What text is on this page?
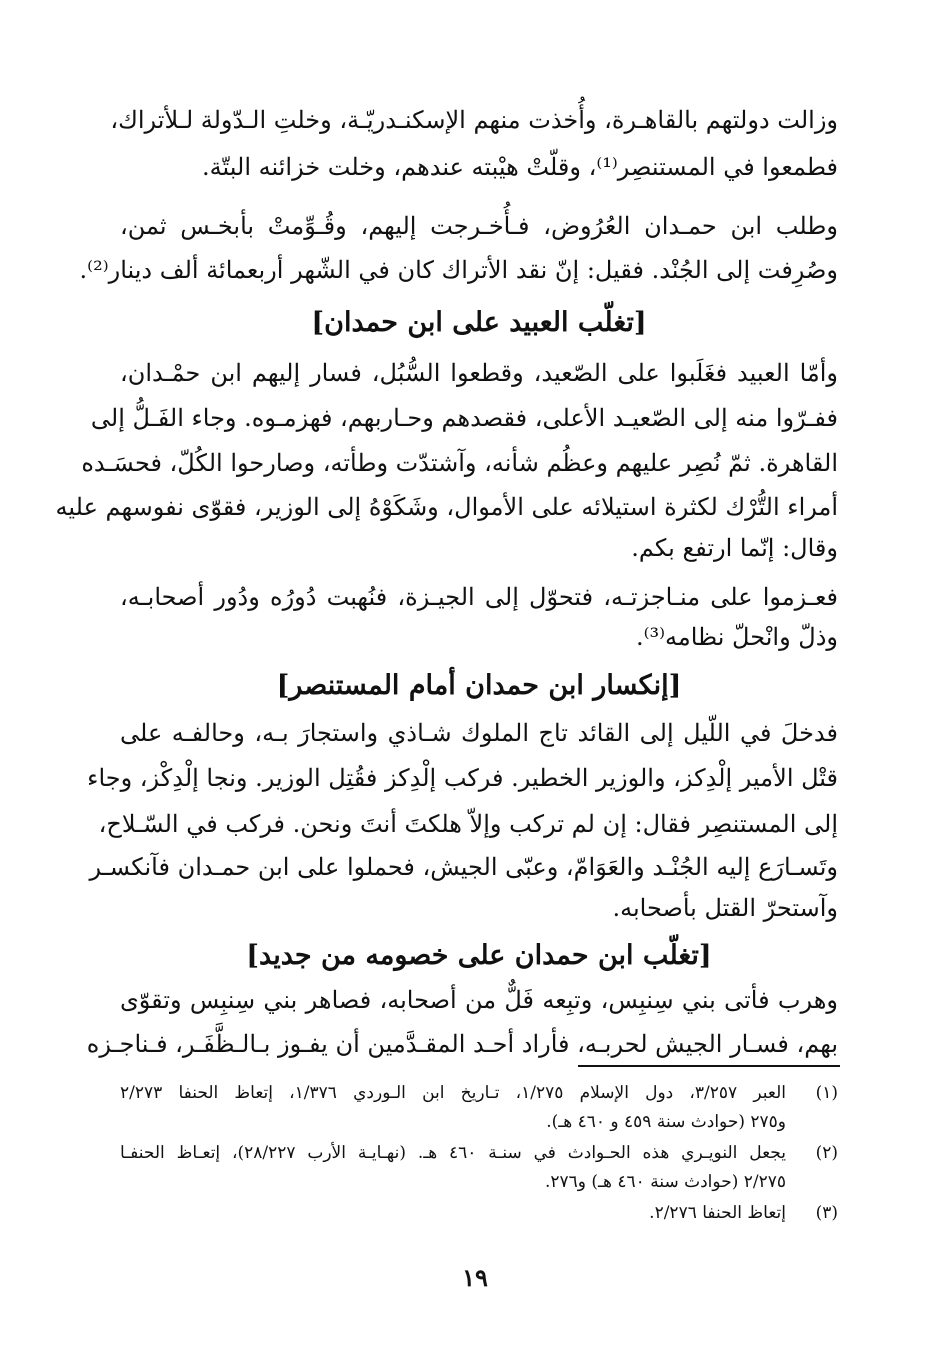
وزالت دولتهم بالقاهـرة، وأُخذت منهم الإسكنـدريّـة، وخلتِ الـدّولة لـلأتراك،
فطمعوا في المستنصِر⁽¹⁾، وقلّتْ هيْبته عندهم، وخلت خزائنه البتّة.
وطلب ابن حمـدان العُرُوض، فـأُخـرجت إليهم، وقُـوِّمتْ بأبخـس ثمن،
وصُرِفت إلى الجُنْد. فقيل: إنّ نقد الأتراك كان في الشّهر أربعمائة ألف دينار⁽²⁾.
[تغلّب العبيد على ابن حمدان]
وأمّا العبيد فغَلَبوا على الصّعيد، وقطعوا السُّبُل، فسار إليهم ابن حمْـدان،
ففـرّوا منه إلى الصّعيـد الأعلى، فقصدهم وحـاربهم، فهزمـوه. وجاء الفَـلُّ إلى
القاهرة. ثمّ نُصِر عليهم وعظُم شأنه، وآشتدّت وطأته، وصارحوا الكُلّ، فحسَـده
أمراء التُّرْك لكثرة استيلائه على الأموال، وشَكَوْهُ إلى الوزير، فقوّى نفوسهم عليه
وقال: إنّما ارتفع بكم.
فعـزموا على منـاجزتـه، فتحوّل إلى الجيـزة، فنُهبت دُورُه ودُور أصحابـه،
وذلّ وانْحلّ نظامه⁽³⁾.
[إنكسار ابن حمدان أمام المستنصر]
فدخلَ في اللّيل إلى القائد تاج الملوك شـاذي واستجارَ بـه، وحالفـه على
قتْل الأمير إلْدِكز، والوزير الخطير. فركب إلْدِكز فقُتِل الوزير. ونجا إلْدِكْز، وجاء
إلى المستنصِر فقال: إن لم تركب وإلاّ هلكتَ أنتَ ونحن. فركب في السّـلاح،
وتَسـارَع إليه الجُنْـد والعَوَامّ، وعبّى الجيش، فحملوا على ابن حمـدان فآنكسـر
وآستحرّ القتل بأصحابه.
[تغلّب ابن حمدان على خصومه من جديد]
وهرب فأتى بني سِنبِس، وتبِعه فَلٌّ من أصحابه، فصاهر بني سِنبِس وتقوّى
بهم، فسـار الجيش لحربـه، فأراد أحـد المقـدَّمين أن يفـوز بـالـظَّفَـر، فـناجـزه
(١)
العبر ٣/٢٥٧، دول الإسلام ١/٢٧٥، تـاريخ ابن الـوردي ١/٣٧٦، إتعاظ الحنفا ٢/٢٧٣
و٢٧٥ (حوادث سنة ٤٥٩ و ٤٦٠ هـ).
(٢)
يجعل النويـري هذه الحـوادث في سنـة ٤٦٠ هـ. (نهـايـة الأرب ٢٨/٢٢٧)، إتعـاظ الحنفـا
٢/٢٧٥ (حوادث سنة ٤٦٠ هـ) و٢٧٦.
(٣)
إتعاظ الحنفا ٢/٢٧٦.
١٩
